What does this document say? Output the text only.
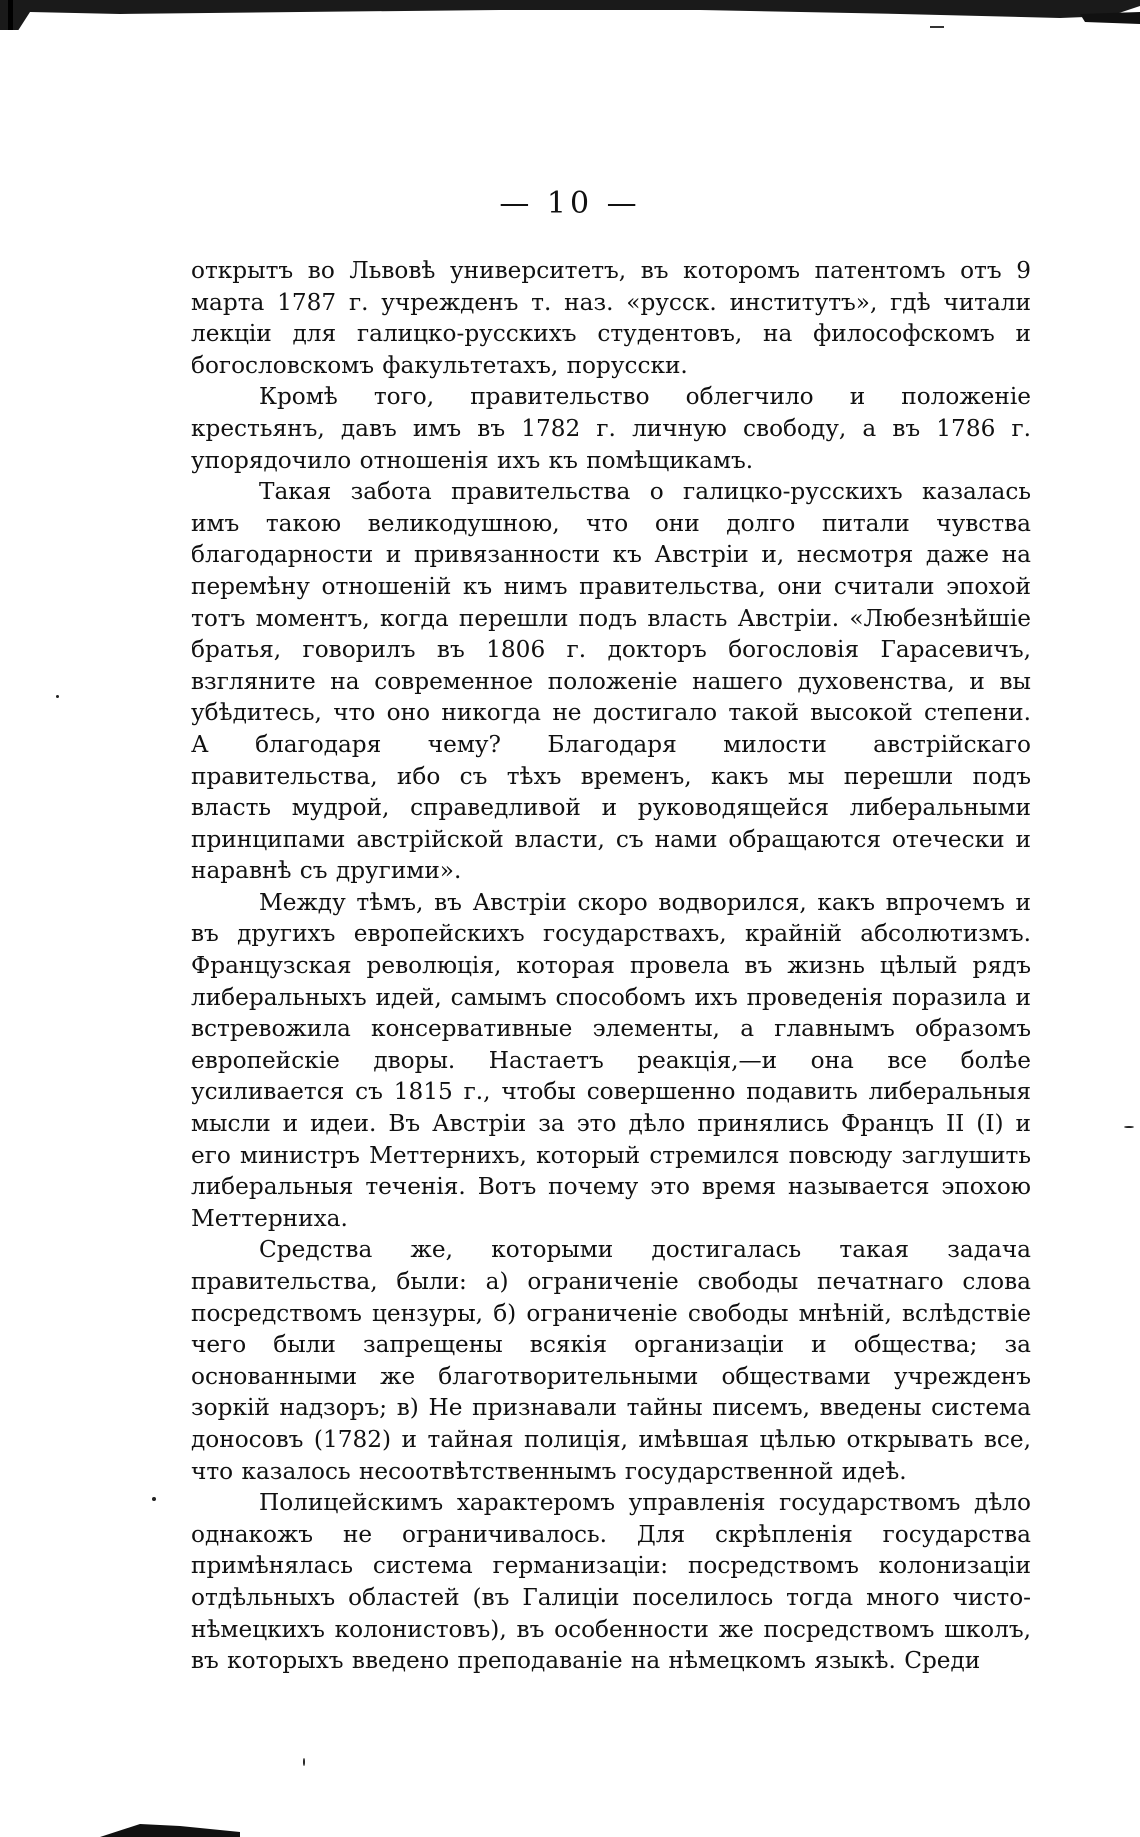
— 10 —

открытъ во Львовѣ университетъ, въ которомъ патентомъ отъ 9 марта 1787 г. учрежденъ т. наз. «русск. институтъ», гдѣ читали лекціи для галицко-русскихъ студентовъ, на философскомъ и богословскомъ факультетахъ, порусски.

Кромѣ того, правительство облегчило и положеніе крестьянъ, давъ имъ въ 1782 г. личную свободу, а въ 1786 г. упорядочило отношенія ихъ къ помѣщикамъ.

Такая забота правительства о галицко-русскихъ казалась имъ такою великодушною, что они долго питали чувства благодарности и привязанности къ Австріи и, несмотря даже на перемѣну отношеній къ нимъ правительства, они считали эпохой тотъ моментъ, когда перешли подъ власть Австріи. «Любезнѣйшіе братья, говорилъ въ 1806 г. докторъ богословія Гарасевичъ, взгляните на современное положеніе нашего духовенства, и вы убѣдитесь, что оно никогда не достигало такой высокой степени. А благодаря чему? Благодаря милости австрійскаго правительства, ибо съ тѣхъ временъ, какъ мы перешли подъ власть мудрой, справедливой и руководящейся либеральными принципами австрійской власти, съ нами обращаются отечески и наравнѣ съ другими».

Между тѣмъ, въ Австріи скоро водворился, какъ впрочемъ и въ другихъ европейскихъ государствахъ, крайній абсолютизмъ. Французская революція, которая провела въ жизнь цѣлый рядъ либеральныхъ идей, самымъ способомъ ихъ проведенія поразила и встревожила консервативные элементы, а главнымъ образомъ европейскіе дворы. Настаетъ реакція,—и она все болѣе усиливается съ 1815 г., чтобы совершенно подавить либеральныя мысли и идеи. Въ Австріи за это дѣло принялись Францъ II (I) и его министръ Меттернихъ, который стремился повсюду заглушить либеральныя теченія. Вотъ почему это время называется эпохою Меттерниха.

Средства же, которыми достигалась такая задача правительства, были: а) ограниченіе свободы печатнаго слова посредствомъ цензуры, б) ограниченіе свободы мнѣній, вслѣдствіе чего были запрещены всякія организаціи и общества; за основанными же благотворительными обществами учрежденъ зоркій надзоръ; в) Не признавали тайны писемъ, введены система доносовъ (1782) и тайная полиція, имѣвшая цѣлью открывать все, что казалось несоотвѣтственнымъ государственной идеѣ.

Полицейскимъ характеромъ управленія государствомъ дѣло однакожъ не ограничивалось. Для скрѣпленія государства примѣнялась система германизаціи: посредствомъ колонизаціи отдѣльныхъ областей (въ Галиціи поселилось тогда много чисто-нѣмецкихъ колонистовъ), въ особенности же посредствомъ школъ, въ которыхъ введено преподаваніе на нѣмецкомъ языкѣ. Среди
